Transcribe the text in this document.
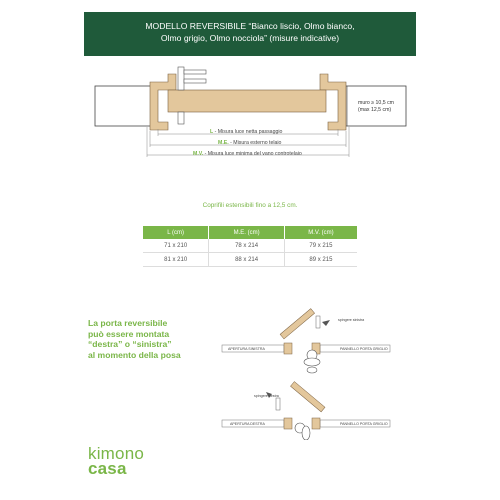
MODELLO REVERSIBILE “Bianco liscio, Olmo bianco,
Olmo grigio, Olmo nocciola” (misure indicative)
muro ≥ 10,5 cm
(max 12,5 cm)
L - Misura luce netta passaggio
M.E. - Misura esterno telaio
M.V. - Misura luce minima del vano controtelaio
Coprifili estensibili fino a 12,5 cm.
L (cm)	M.E. (cm)	M.V. (cm)
71 x 210	78 x 214	79 x 215
81 x 210	88 x 214	89 x 215
La porta reversibile
può essere montata
“destra” o “sinistra”
al momento della posa
spingere sinistra
APERTURA SINISTRA	PANNELLO PORTA GRIGLIO
spingere destra
APERTURA DESTRA	PANNELLO PORTA GRIGLIO
kimono
casa
